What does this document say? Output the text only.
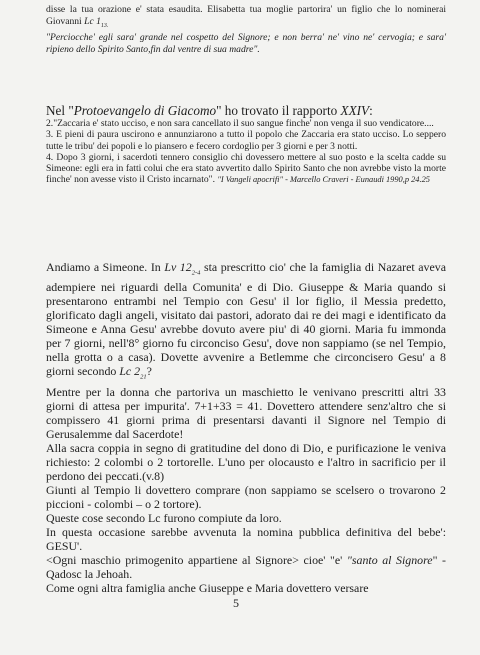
disse la tua orazione e' stata esaudita. Elisabetta tua moglie partorira' un figlio che lo nominerai Giovanni Lc $1_{13.}$

"Perciocche' egli sara' grande nel cospetto del Signore; e non berra' ne' vino ne' cervogia; e sara' ripieno dello Spirito Santo,fin dal ventre di sua madre".

Nel "Protoevangelo di Giacomo" ho trovato il rapporto XXIV:

2."Zaccaria e' stato ucciso, e non sara cancellato il suo sangue finche' non venga il suo vendicatore....

3. E pieni di paura uscirono e annunziarono a tutto il popolo che Zaccaria era stato ucciso. Lo seppero tutte le tribu' dei popoli e lo piansero e fecero cordoglio per 3 giorni e per 3 notti.

4. Dopo 3 giorni, i sacerdoti tennero consiglio chi dovessero mettere al suo posto e la scelta cadde su Simeone: egli era in fatti colui che era stato avvertito dallo Spirito Santo che non avrebbe visto la morte finche' non avesse visto il Cristo incarnato". "I Vangeli apocrifi" - Marcello Craveri - Eunaudi 1990,p 24.25

Andiamo a Simeone. In Lv $12_{2-4}$ sta prescritto cio' che la famiglia di Nazaret aveva adempiere nei riguardi della Comunita' e di Dio. Giuseppe & Maria quando si presentarono entrambi nel Tempio con Gesu' il lor figlio, il Messia predetto, glorificato dagli angeli, visitato dai pastori, adorato dai re dei magi e identificato da Simeone e Anna Gesu' avrebbe dovuto avere piu' di 40 giorni. Maria fu immonda per 7 giorni, nell'8° giorno fu circonciso Gesu', dove non sappiamo (se nel Tempio, nella grotta o a casa). Dovette avvenire a Betlemme che circoncisero Gesu' a 8 giorni secondo Lc $2_{21}$?

Mentre per la donna che partoriva un maschietto le venivano prescritti altri 33 giorni di attesa per impurita'. 7+1+33 = 41. Dovettero attendere senz'altro che si compissero 41 giorni prima di presentarsi davanti il Signore nel Tempio di Gerusalemme dal Sacerdote!

Alla sacra coppia in segno di gratitudine del dono di Dio, e purificazione le veniva richiesto: 2 colombi o 2 tortorelle. L'uno per olocausto e l'altro in sacrificio per il perdono dei peccati.(v.8)

Giunti al Tempio li dovettero comprare (non sappiamo se scelsero o trovarono 2 piccioni - colombi – o 2 tortore).

Queste cose secondo Lc furono compiute da loro.

In questa occasione sarebbe avvenuta la nomina pubblica definitiva del bebe': GESU'.

<Ogni maschio primogenito appartiene al Signore> cioe' "e' "santo al Signore" - Qadosc la Jehoah.

Come ogni altra famiglia anche Giuseppe e Maria dovettero versare

5
